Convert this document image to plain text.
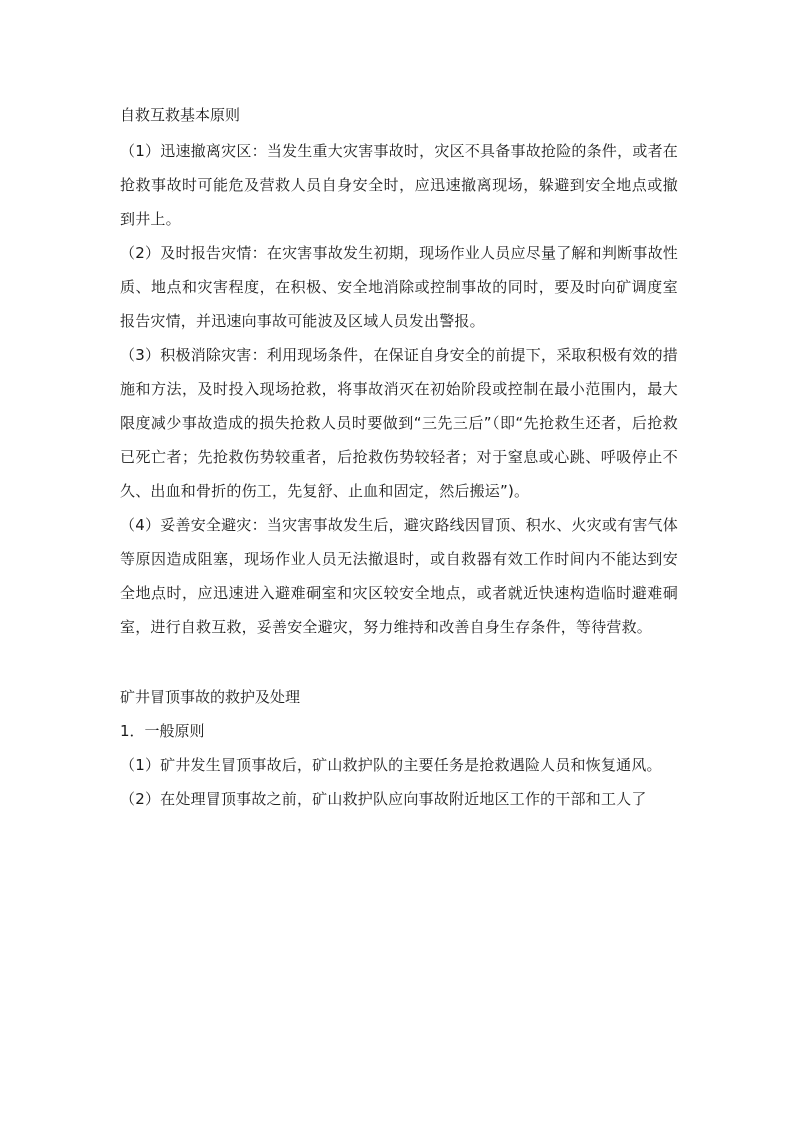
自救互救基本原则

（1）迅速撤离灾区：当发生重大灾害事故时，灾区不具备事故抢险的条件，或者在抢救事故时可能危及营救人员自身安全时，应迅速撤离现场，躲避到安全地点或撤到井上。

（2）及时报告灾情：在灾害事故发生初期，现场作业人员应尽量了解和判断事故性质、地点和灾害程度，在积极、安全地消除或控制事故的同时，要及时向矿调度室报告灾情，并迅速向事故可能波及区域人员发出警报。

（3）积极消除灾害：利用现场条件，在保证自身安全的前提下，采取积极有效的措施和方法，及时投入现场抢救，将事故消灭在初始阶段或控制在最小范围内，最大限度减少事故造成的损失抢救人员时要做到“三先三后”（即“先抢救生还者，后抢救已死亡者；先抢救伤势较重者，后抢救伤势较轻者；对于窒息或心跳、呼吸停止不久、出血和骨折的伤工，先复舒、止血和固定，然后搬运”)。

（4）妥善安全避灾：当灾害事故发生后，避灾路线因冒顶、积水、火灾或有害气体等原因造成阻塞，现场作业人员无法撤退时，或自救器有效工作时间内不能达到安全地点时，应迅速进入避难硐室和灾区较安全地点，或者就近快速构造临时避难硐室，进行自救互救，妥善安全避灾，努力维持和改善自身生存条件，等待营救。

矿井冒顶事故的救护及处理
1．一般原则

（1）矿井发生冒顶事故后，矿山救护队的主要任务是抢救遇险人员和恢复通风。

（2）在处理冒顶事故之前，矿山救护队应向事故附近地区工作的干部和工人了
